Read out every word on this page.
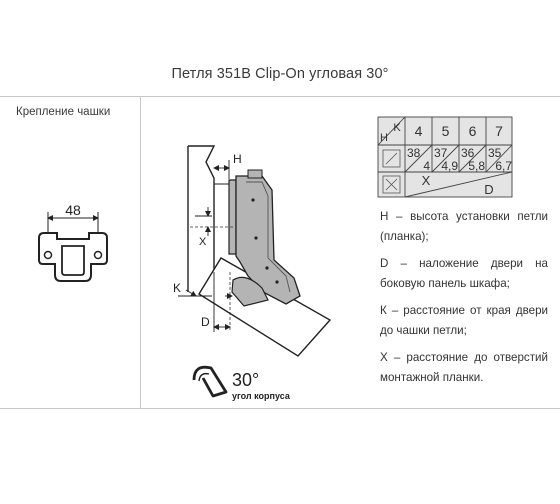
Петля 351B Clip-On угловая 30°
Крепление чашки
48
K
H 4 5 6 7
38
4
37
4,9
36
5,8
35
6,7
X
D
H
X
K
D
30°
угол корпуса

H – высота установки петли (планка);

D – наложение двери на боковую панель шкафа;

К – расстояние от края двери до чашки петли;

X – расстояние до отверстий монтажной планки.
